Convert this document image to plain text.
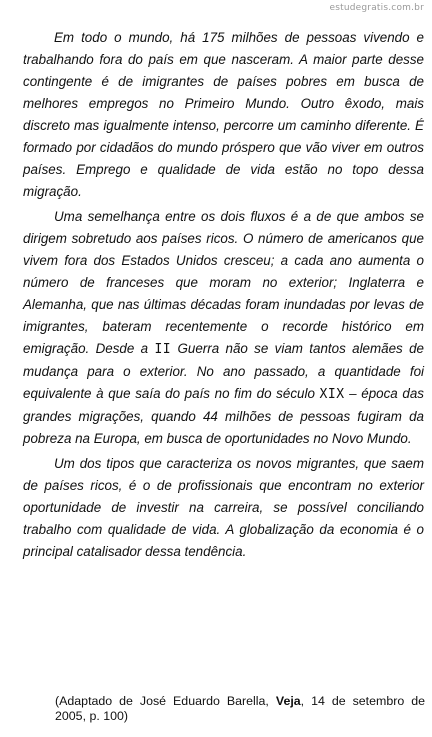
estudegratis.com.br

Em todo o mundo, há 175 milhões de pessoas vivendo e trabalhando fora do país em que nasceram. A maior parte desse contingente é de imigrantes de países pobres em busca de melhores empregos no Primeiro Mundo. Outro êxodo, mais discreto mas igualmente intenso, percorre um caminho diferente. É formado por cidadãos do mundo próspero que vão viver em outros países. Emprego e qualidade de vida estão no topo dessa migração.

Uma semelhança entre os dois fluxos é a de que ambos se dirigem sobretudo aos países ricos. O número de americanos que vivem fora dos Estados Unidos cresceu; a cada ano aumenta o número de franceses que moram no exterior; Inglaterra e Alemanha, que nas últimas décadas foram inundadas por levas de imigrantes, bateram recentemente o recorde histórico em emigração. Desde a II Guerra não se viam tantos alemães de mudança para o exterior. No ano passado, a quantidade foi equivalente à que saía do país no fim do século XIX – época das grandes migrações, quando 44 milhões de pessoas fugiram da pobreza na Europa, em busca de oportunidades no Novo Mundo.

Um dos tipos que caracteriza os novos migrantes, que saem de países ricos, é o de profissionais que encontram no exterior oportunidade de investir na carreira, se possível conciliando trabalho com qualidade de vida. A globalização da economia é o principal catalisador dessa tendência.

(Adaptado de José Eduardo Barella, Veja, 14 de setembro de 2005, p. 100)
